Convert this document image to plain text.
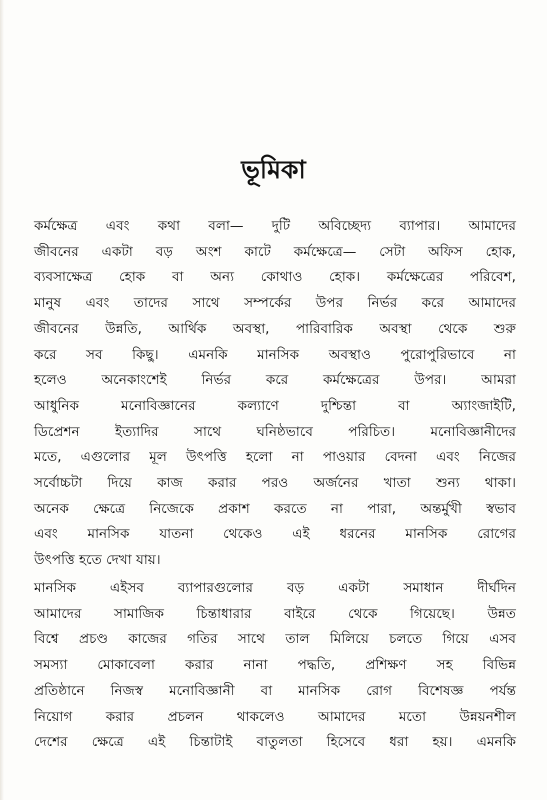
ভূমিকা

কর্মক্ষেত্র এবং কথা বলা— দুটি অবিচ্ছেদ্য ব্যাপার। আমাদের
জীবনের একটা বড় অংশ কাটে কর্মক্ষেত্রে— সেটা অফিস হোক,
ব্যবসাক্ষেত্র হোক বা অন্য কোথাও হোক। কর্মক্ষেত্রের পরিবেশ,
মানুষ এবং তাদের সাথে সম্পর্কের উপর নির্ভর করে আমাদের
জীবনের উন্নতি, আর্থিক অবস্থা, পারিবারিক অবস্থা থেকে শুরু
করে সব কিছু। এমনকি মানসিক অবস্থাও পুরোপুরিভাবে না
হলেও অনেকাংশেই নির্ভর করে কর্মক্ষেত্রের উপর। আমরা
আধুনিক মনোবিজ্ঞানের কল্যাণে দুশ্চিন্তা বা অ্যাংজাইটি,
ডিপ্রেশন ইত্যাদির সাথে ঘনিষ্ঠভাবে পরিচিত। মনোবিজ্ঞানীদের
মতে, এগুলোর মূল উৎপত্তি হলো না পাওয়ার বেদনা এবং নিজের
সর্বোচ্চটা দিয়ে কাজ করার পরও অর্জনের খাতা শুন্য থাকা।
অনেক ক্ষেত্রে নিজেকে প্রকাশ করতে না পারা, অন্তর্মুখী স্বভাব
এবং মানসিক যাতনা থেকেও এই ধরনের মানসিক রোগের
উৎপত্তি হতে দেখা যায়।

মানসিক এইসব ব্যাপারগুলোর বড় একটা সমাধান দীর্ঘদিন
আমাদের সামাজিক চিন্তাধারার বাইরে থেকে গিয়েছে। উন্নত
বিশ্বে প্রচণ্ড কাজের গতির সাথে তাল মিলিয়ে চলতে গিয়ে এসব
সমস্যা মোকাবেলা করার নানা পদ্ধতি, প্রশিক্ষণ সহ বিভিন্ন
প্রতিষ্ঠানে নিজস্ব মনোবিজ্ঞানী বা মানসিক রোগ বিশেষজ্ঞ পর্যন্ত
নিয়োগ করার প্রচলন থাকলেও আমাদের মতো উন্নয়নশীল
দেশের ক্ষেত্রে এই চিন্তাটাই বাতুলতা হিসেবে ধরা হয়। এমনকি
